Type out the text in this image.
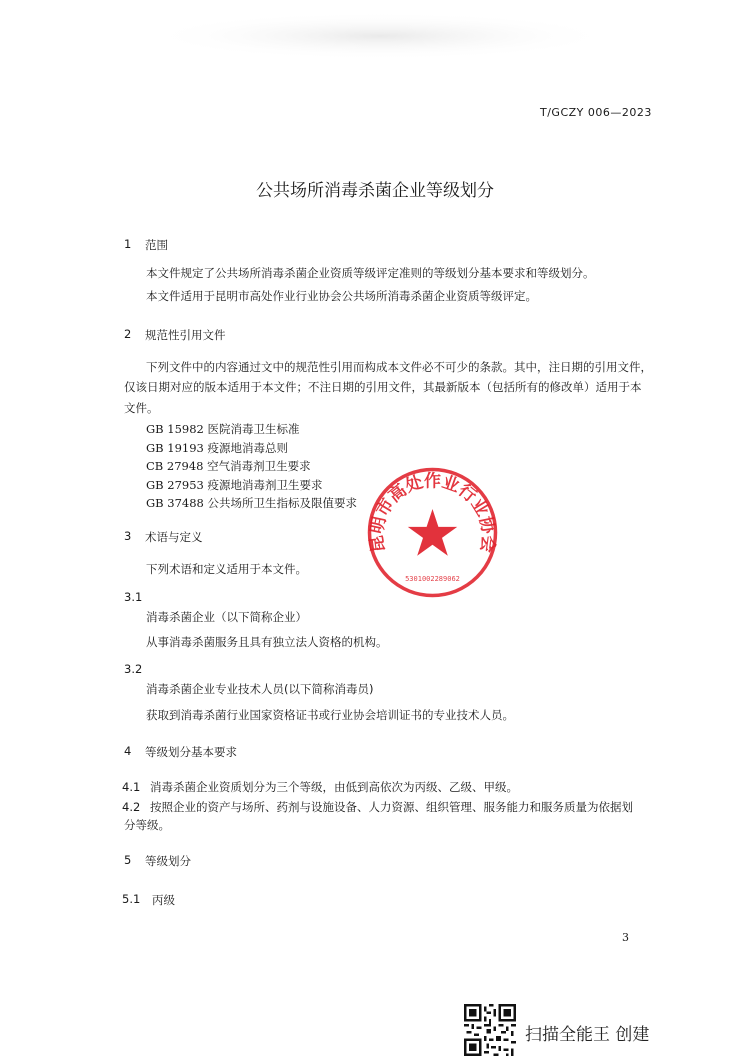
T/GCZY 006—2023
公共场所消毒杀菌企业等级划分
1 范围
本文件规定了公共场所消毒杀菌企业资质等级评定准则的等级划分基本要求和等级划分。
本文件适用于昆明市高处作业行业协会公共场所消毒杀菌企业资质等级评定。
2 规范性引用文件
下列文件中的内容通过文中的规范性引用而构成本文件必不可少的条款。其中，注日期的引用文件，
仅该日期对应的版本适用于本文件；不注日期的引用文件，其最新版本（包括所有的修改单）适用于本
文件。
GB 15982 医院消毒卫生标准
GB 19193 疫源地消毒总则
CB 27948 空气消毒剂卫生要求
GB 27953 疫源地消毒剂卫生要求
GB 37488 公共场所卫生指标及限值要求
3 术语与定义
下列术语和定义适用于本文件。
3.1
消毒杀菌企业（以下简称企业）
从事消毒杀菌服务且具有独立法人资格的机构。
3.2
消毒杀菌企业专业技术人员(以下简称消毒员)
获取到消毒杀菌行业国家资格证书或行业协会培训证书的专业技术人员。
4 等级划分基本要求
4.1 消毒杀菌企业资质划分为三个等级，由低到高依次为丙级、乙级、甲级。
4.2 按照企业的资产与场所、药剂与设施设备、人力资源、组织管理、服务能力和服务质量为依据划
分等级。
5 等级划分
5.1 丙级
昆明市高处作业行业协会
5301002289062
3
扫描全能王 创建
